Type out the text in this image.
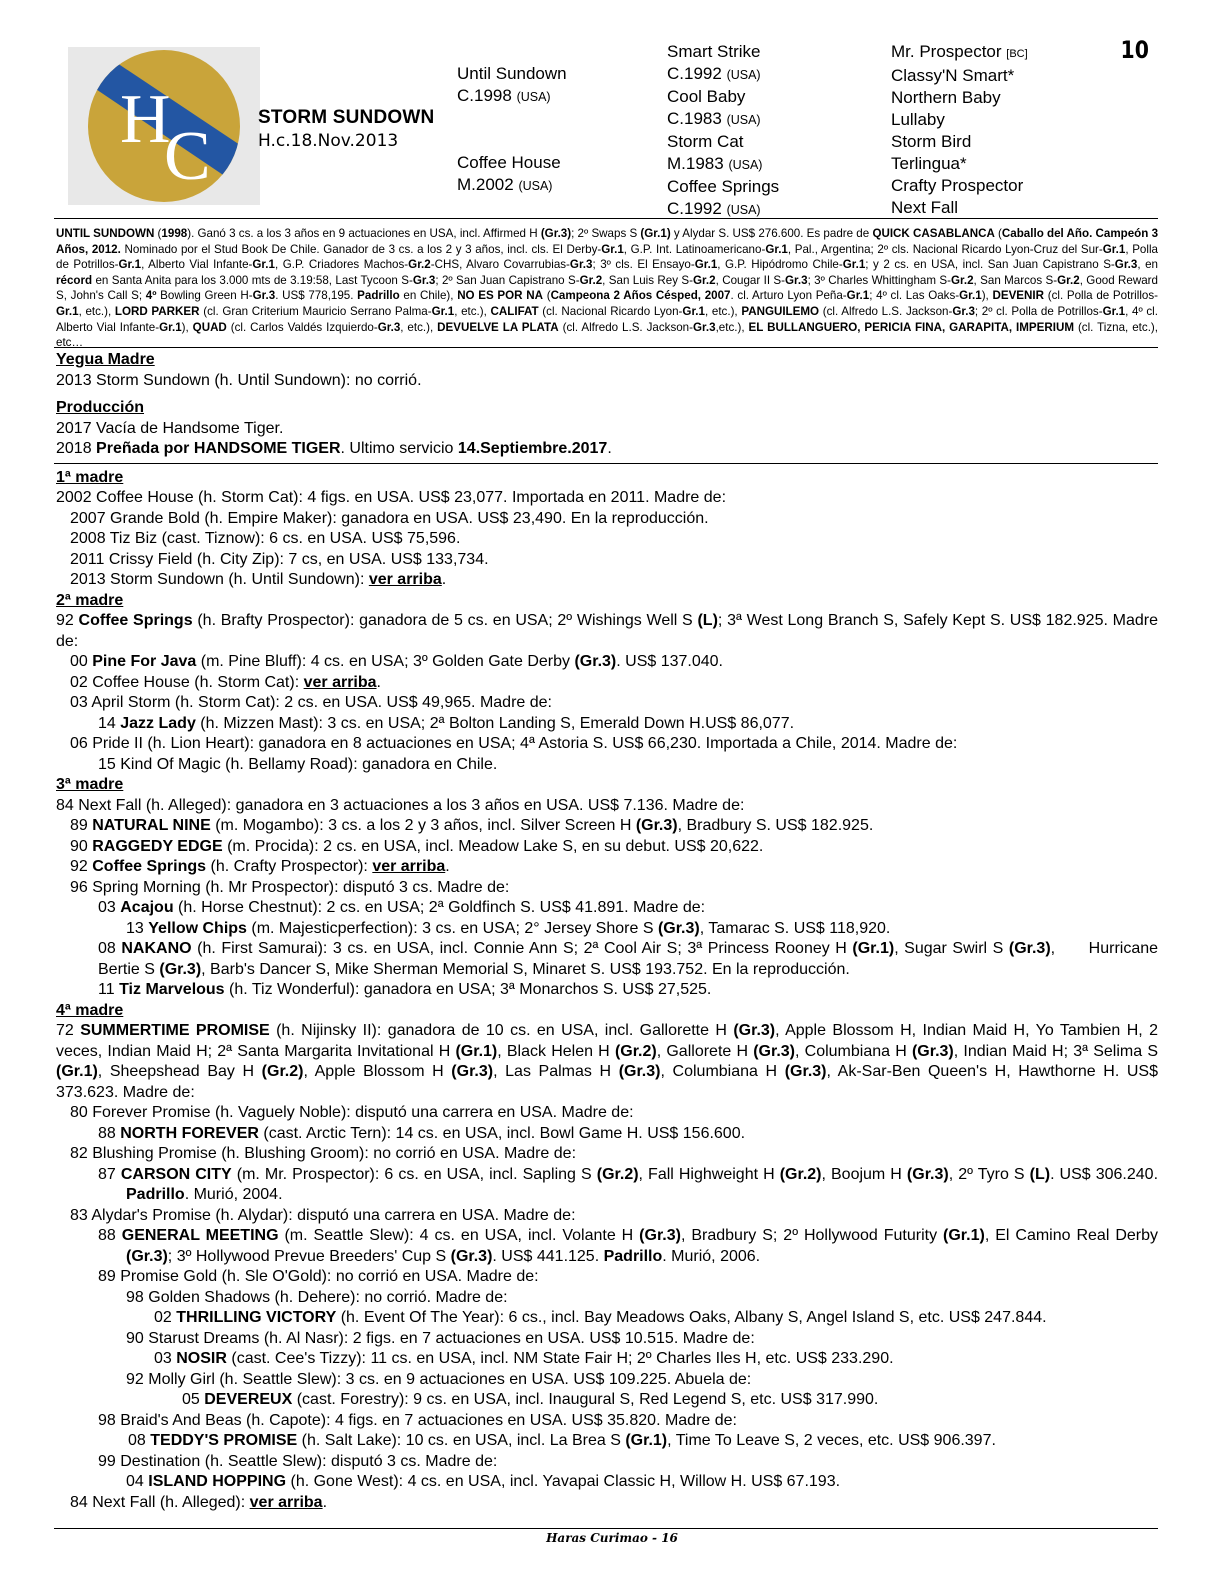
H
C
STORM SUNDOWN
H.c.18.Nov.2013
10
Until Sundown
C.1998 (USA)
Coffee House
M.2002 (USA)
Smart Strike
C.1992 (USA)
Cool Baby
C.1983 (USA)
Storm Cat
M.1983 (USA)
Coffee Springs
C.1992 (USA)
Mr. Prospector [BC]
Classy'N Smart*
Northern Baby
Lullaby
Storm Bird
Terlingua*
Crafty Prospector
Next Fall
UNTIL SUNDOWN (1998). Ganó 3 cs. a los 3 años en 9 actuaciones en USA, incl. Affirmed H (Gr.3); 2º Swaps S (Gr.1) y Alydar S. US$ 276.600. Es padre de QUICK CASABLANCA (Caballo del Año. Campeón 3 Años, 2012. Nominado por el Stud Book De Chile. Ganador de 3 cs. a los 2 y 3 años, incl. cls. El Derby-Gr.1, G.P. Int. Latinoamericano-Gr.1, Pal., Argentina; 2º cls. Nacional Ricardo Lyon-Cruz del Sur-Gr.1, Polla de Potrillos-Gr.1, Alberto Vial Infante-Gr.1, G.P. Criadores Machos-Gr.2-CHS, Alvaro Covarrubias-Gr.3; 3º cls. El Ensayo-Gr.1, G.P. Hipódromo Chile-Gr.1; y 2 cs. en USA, incl. San Juan Capistrano S-Gr.3, en récord en Santa Anita para los 3.000 mts de 3.19:58, Last Tycoon S-Gr.3; 2º San Juan Capistrano S-Gr.2, San Luis Rey S-Gr.2, Cougar II S-Gr.3; 3º Charles Whittingham S-Gr.2, San Marcos S-Gr.2, Good Reward S, John's Call S; 4º Bowling Green H-Gr.3. US$ 778,195. Padrillo en Chile), NO ES POR NA (Campeona 2 Años Césped, 2007. cl. Arturo Lyon Peña-Gr.1; 4º cl. Las Oaks-Gr.1), DEVENIR (cl. Polla de Potrillos-Gr.1, etc.), LORD PARKER (cl. Gran Criterium Mauricio Serrano Palma-Gr.1, etc.), CALIFAT (cl. Nacional Ricardo Lyon-Gr.1, etc.), PANGUILEMO (cl. Alfredo L.S. Jackson-Gr.3; 2º cl. Polla de Potrillos-Gr.1, 4º cl. Alberto Vial Infante-Gr.1), QUAD (cl. Carlos Valdés Izquierdo-Gr.3, etc.), DEVUELVE LA PLATA (cl. Alfredo L.S. Jackson-Gr.3,etc.), EL BULLANGUERO, PERICIA FINA, GARAPITA, IMPERIUM (cl. Tizna, etc.), etc…
Yegua Madre
2013 Storm Sundown (h. Until Sundown): no corrió.
Producción
2017 Vacía de Handsome Tiger.
2018 Preñada por HANDSOME TIGER. Ultimo servicio 14.Septiembre.2017.
1ª madre
2002 Coffee House (h. Storm Cat): 4 figs. en USA. US$ 23,077. Importada en 2011. Madre de:
2007 Grande Bold (h. Empire Maker): ganadora en USA. US$ 23,490. En la reproducción.
2008 Tiz Biz (cast. Tiznow): 6 cs. en USA. US$ 75,596.
2011 Crissy Field (h. City Zip): 7 cs, en USA. US$ 133,734.
2013 Storm Sundown (h. Until Sundown): ver arriba.
2ª madre
92 Coffee Springs (h. Brafty Prospector): ganadora de 5 cs. en USA; 2º Wishings Well S (L); 3ª West Long Branch S, Safely Kept S. US$ 182.925. Madre de:
00 Pine For Java (m. Pine Bluff): 4 cs. en USA; 3º Golden Gate Derby (Gr.3). US$ 137.040.
02 Coffee House (h. Storm Cat): ver arriba.
03 April Storm (h. Storm Cat): 2 cs. en USA. US$ 49,965. Madre de:
14 Jazz Lady (h. Mizzen Mast): 3 cs. en USA; 2ª Bolton Landing S, Emerald Down H.US$ 86,077.
06 Pride II (h. Lion Heart): ganadora en 8 actuaciones en USA; 4ª Astoria S. US$ 66,230. Importada a Chile, 2014. Madre de:
15 Kind Of Magic (h. Bellamy Road): ganadora en Chile.
3ª madre
84 Next Fall (h. Alleged): ganadora en 3 actuaciones a los 3 años en USA. US$ 7.136. Madre de:
89 NATURAL NINE (m. Mogambo): 3 cs. a los 2 y 3 años, incl. Silver Screen H (Gr.3), Bradbury S. US$ 182.925.
90 RAGGEDY EDGE (m. Procida): 2 cs. en USA, incl. Meadow Lake S, en su debut. US$ 20,622.
92 Coffee Springs (h. Crafty Prospector): ver arriba.
96 Spring Morning (h. Mr Prospector): disputó 3 cs. Madre de:
03 Acajou (h. Horse Chestnut): 2 cs. en USA; 2ª Goldfinch S. US$ 41.891. Madre de:
13 Yellow Chips (m. Majesticperfection): 3 cs. en USA; 2° Jersey Shore S (Gr.3), Tamarac S. US$ 118,920.
08 NAKANO (h. First Samurai): 3 cs. en USA, incl. Connie Ann S; 2ª Cool Air S; 3ª Princess Rooney H (Gr.1), Sugar Swirl S (Gr.3), Hurricane Bertie S (Gr.3), Barb's Dancer S, Mike Sherman Memorial S, Minaret S. US$ 193.752. En la reproducción.
11 Tiz Marvelous (h. Tiz Wonderful): ganadora en USA; 3ª Monarchos S. US$ 27,525.
4ª madre
72 SUMMERTIME PROMISE (h. Nijinsky II): ganadora de 10 cs. en USA, incl. Gallorette H (Gr.3), Apple Blossom H, Indian Maid H, Yo Tambien H, 2 veces, Indian Maid H; 2ª Santa Margarita Invitational H (Gr.1), Black Helen H (Gr.2), Gallorete H (Gr.3), Columbiana H (Gr.3), Indian Maid H; 3ª Selima S (Gr.1), Sheepshead Bay H (Gr.2), Apple Blossom H (Gr.3), Las Palmas H (Gr.3), Columbiana H (Gr.3), Ak-Sar-Ben Queen's H, Hawthorne H. US$ 373.623. Madre de:
80 Forever Promise (h. Vaguely Noble): disputó una carrera en USA. Madre de:
88 NORTH FOREVER (cast. Arctic Tern): 14 cs. en USA, incl. Bowl Game H. US$ 156.600.
82 Blushing Promise (h. Blushing Groom): no corrió en USA. Madre de:
87 CARSON CITY (m. Mr. Prospector): 6 cs. en USA, incl. Sapling S (Gr.2), Fall Highweight H (Gr.2), Boojum H (Gr.3), 2º Tyro S (L). US$ 306.240. Padrillo. Murió, 2004.
83 Alydar's Promise (h. Alydar): disputó una carrera en USA. Madre de:
88 GENERAL MEETING (m. Seattle Slew): 4 cs. en USA, incl. Volante H (Gr.3), Bradbury S; 2º Hollywood Futurity (Gr.1), El Camino Real Derby (Gr.3); 3º Hollywood Prevue Breeders' Cup S (Gr.3). US$ 441.125. Padrillo. Murió, 2006.
89 Promise Gold (h. Sle O'Gold): no corrió en USA. Madre de:
98 Golden Shadows (h. Dehere): no corrió. Madre de:
02 THRILLING VICTORY (h. Event Of The Year): 6 cs., incl. Bay Meadows Oaks, Albany S, Angel Island S, etc. US$ 247.844.
90 Starust Dreams (h. Al Nasr): 2 figs. en 7 actuaciones en USA. US$ 10.515. Madre de:
03 NOSIR (cast. Cee's Tizzy): 11 cs. en USA, incl. NM State Fair H; 2º Charles Iles H, etc. US$ 233.290.
92 Molly Girl (h. Seattle Slew): 3 cs. en 9 actuaciones en USA. US$ 109.225. Abuela de:
05 DEVEREUX (cast. Forestry): 9 cs. en USA, incl. Inaugural S, Red Legend S, etc. US$ 317.990.
98 Braid's And Beas (h. Capote): 4 figs. en 7 actuaciones en USA. US$ 35.820. Madre de:
08 TEDDY'S PROMISE (h. Salt Lake): 10 cs. en USA, incl. La Brea S (Gr.1), Time To Leave S, 2 veces, etc. US$ 906.397.
99 Destination (h. Seattle Slew): disputó 3 cs. Madre de:
04 ISLAND HOPPING (h. Gone West): 4 cs. en USA, incl. Yavapai Classic H, Willow H. US$ 67.193.
84 Next Fall (h. Alleged): ver arriba.
Haras Curimao - 16
